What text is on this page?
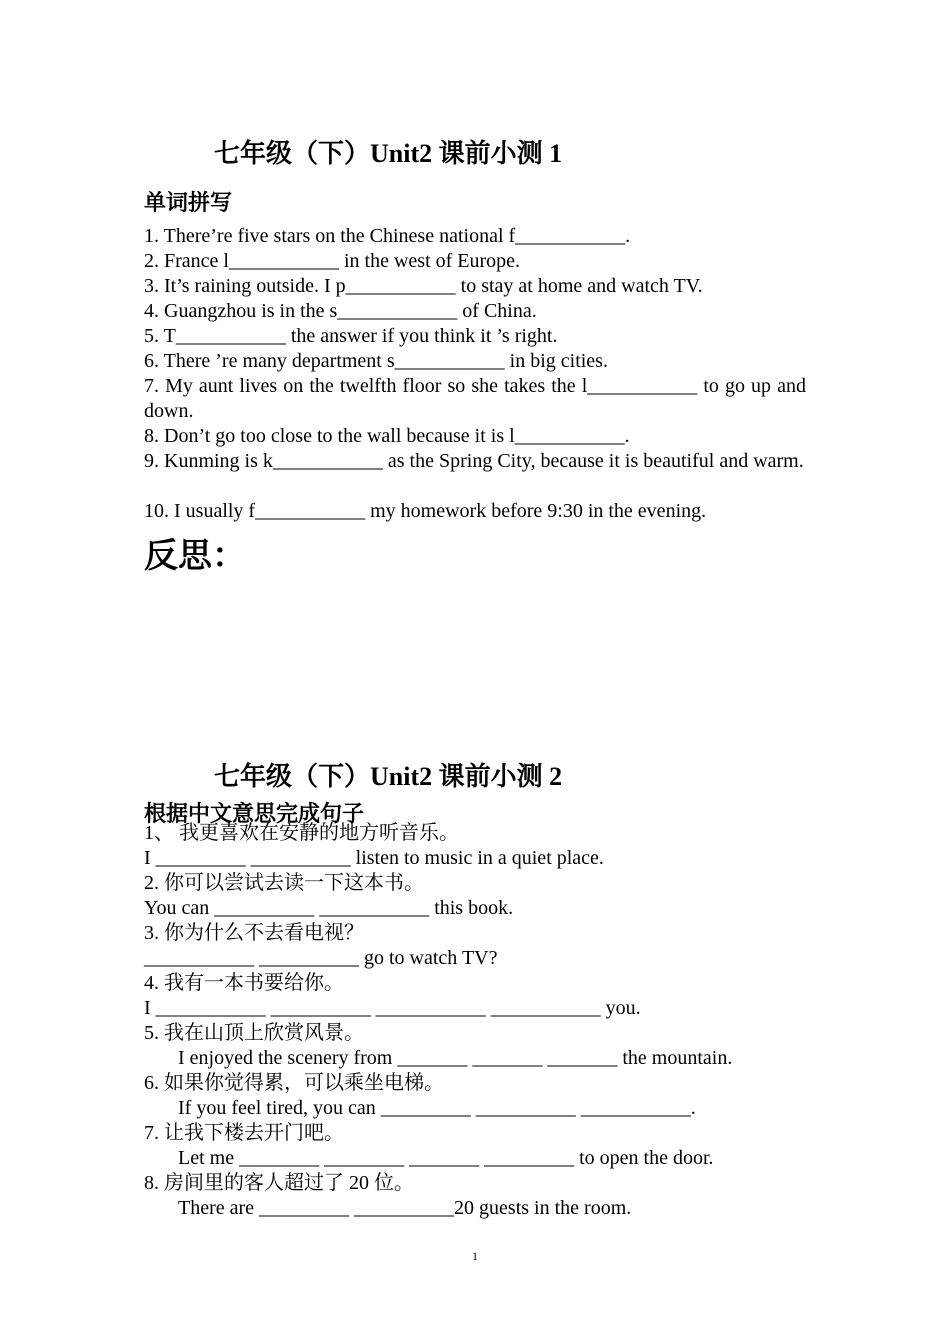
七年级（下）Unit2 课前小测 1
单词拼写
1. There’re five stars on the Chinese national f___________.
2. France l___________ in the west of Europe.
3. It’s raining outside. I p___________ to stay at home and watch TV.
4. Guangzhou is in the s____________ of China.
5. T___________ the answer if you think it ’s right.
6. There ’re many department s___________ in big cities.
7. My aunt lives on the twelfth floor so she takes the l___________ to go up and down.
8. Don’t go too close to the wall because it is l___________.
9. Kunming is k___________ as the Spring City, because it is beautiful and warm.
10. I usually f___________ my homework before 9:30 in the evening.
反思：
七年级（下）Unit2 课前小测 2
根据中文意思完成句子
1、 我更喜欢在安静的地方听音乐。
I _________ __________ listen to music in a quiet place.
2. 你可以尝试去读一下这本书。
You can __________ ___________ this book.
3. 你为什么不去看电视？
___________ __________ go to watch TV?
4. 我有一本书要给你。
I ___________ __________ ___________ ___________ you.
5. 我在山顶上欣赏风景。
I enjoyed the scenery from _______ _______ _______ the mountain.
6. 如果你觉得累，可以乘坐电梯。
If you feel tired, you can _________ __________ ___________.
7. 让我下楼去开门吧。
Let me ________ ________ _______ _________ to open the door.
8. 房间里的客人超过了 20 位。
There are _________ __________20 guests in the room.
1
